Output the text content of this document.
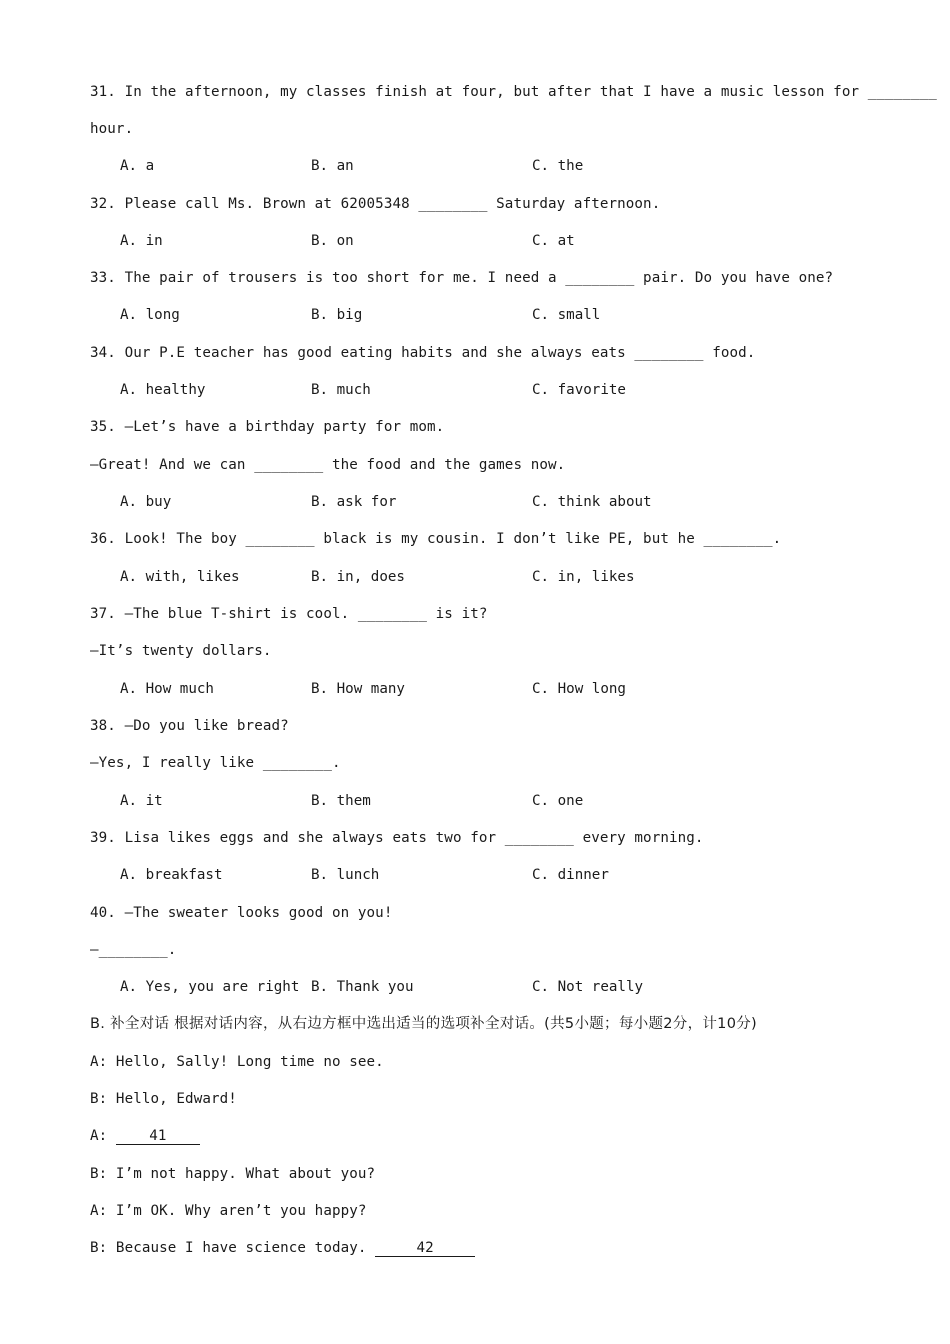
31. In the afternoon, my classes finish at four, but after that I have a music lesson for ________
hour.
A. a	B. an	C. the
32. Please call Ms. Brown at 62005348 ________ Saturday afternoon.
A. in	B. on	C. at
33. The pair of trousers is too short for me. I need a ________ pair. Do you have one?
A. long	B. big	C. small
34. Our P.E teacher has good eating habits and she always eats ________ food.
A. healthy	B. much	C. favorite
35. —Let’s have a birthday party for mom.
—Great! And we can ________ the food and the games now.
A. buy	B. ask for	C. think about
36. Look! The boy ________ black is my cousin. I don’t like PE, but he ________.
A. with, likes	B. in, does	C. in, likes
37. —The blue T-shirt is cool. ________ is it?
—It’s twenty dollars.
A. How much	B. How many	C. How long
38. —Do you like bread?
—Yes, I really like ________.
A. it	B. them	C. one
39. Lisa likes eggs and she always eats two for ________ every morning.
A. breakfast	B. lunch	C. dinner
40. —The sweater looks good on you!
—________.
A. Yes, you are right B. Thank you	C. Not really
B. 补全对话 根据对话内容，从右边方框中选出适当的选项补全对话。(共5小题；每小题2分，计10分)
A: Hello, Sally! Long time no see.
B: Hello, Edward!
A: 41
B: I’m not happy. What about you?
A: I’m OK. Why aren’t you happy?
B: Because I have science today.	42
